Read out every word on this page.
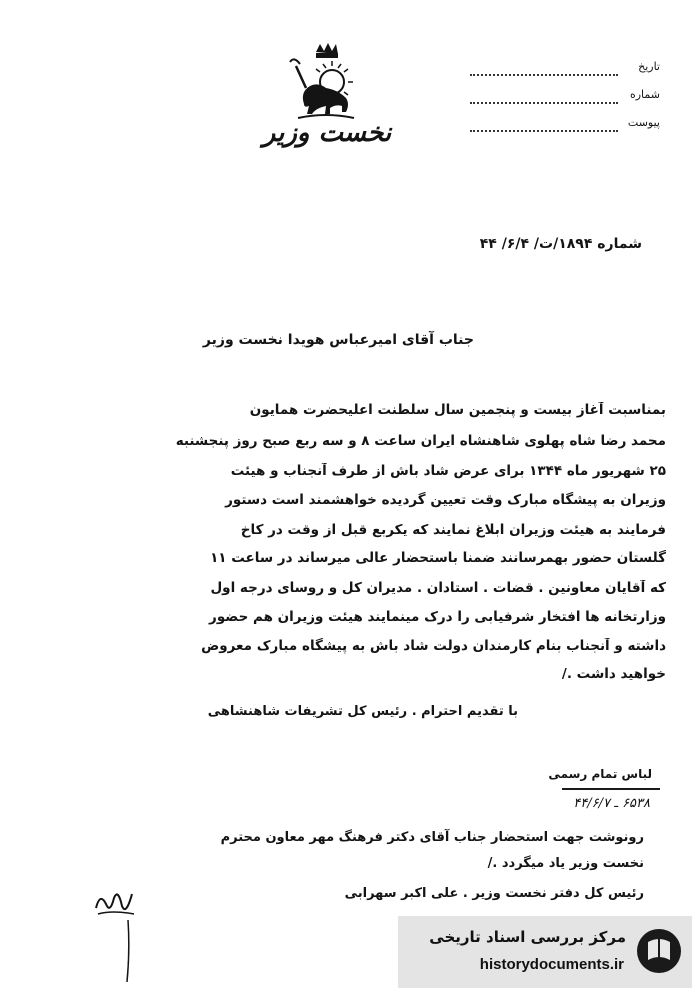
تاریخ
شماره
پیوست
نخست وزیر
شماره ۱۸۹۴/ت/ ۶/۴/ ۴۴
جناب آقای امیرعباس هویدا نخست وزیر
بمناسبت آغاز بیست و پنجمین سال سلطنت اعلیحضرت همایون
محمد رضا شاه پهلوی شاهنشاه ایران ساعت ۸ و سه ربع صبح روز پنجشنبه
۲۵ شهریور ماه ۱۳۴۴ برای عرض شاد باش از طرف آنجناب و هیئت
وزیران به پیشگاه مبارک وقت تعیین گردیده خواهشمند است دستور
فرمایند به هیئت وزیران ابلاغ نمایند که یکربع قبل از وقت در کاخ
گلستان حضور بهمرسانند ضمنا باستحضار عالی میرساند در ساعت ۱۱
که آقایان معاونین . قضات . استادان . مدیران کل و روسای درجه اول
وزارتخانه ها افتخار شرفیابی را درک مینمایند هیئت وزیران هم حضور
داشته و آنجناب بنام کارمندان دولت شاد باش به پیشگاه مبارک معروض
خواهید داشت ./
با تقدیم احترام . رئیس کل تشریفات شاهنشاهی
لباس تمام رسمی
۶۵۳۸ ـ ۴۴/۶/۷
رونوشت جهت استحضار جناب آقای دکتر فرهنگ مهر معاون محترم
نخست وزیر یاد میگردد ./
رئیس کل دفتر نخست وزیر . علی اکبر سهرابی
مرکز بررسی اسناد تاریخی
historydocuments.ir
